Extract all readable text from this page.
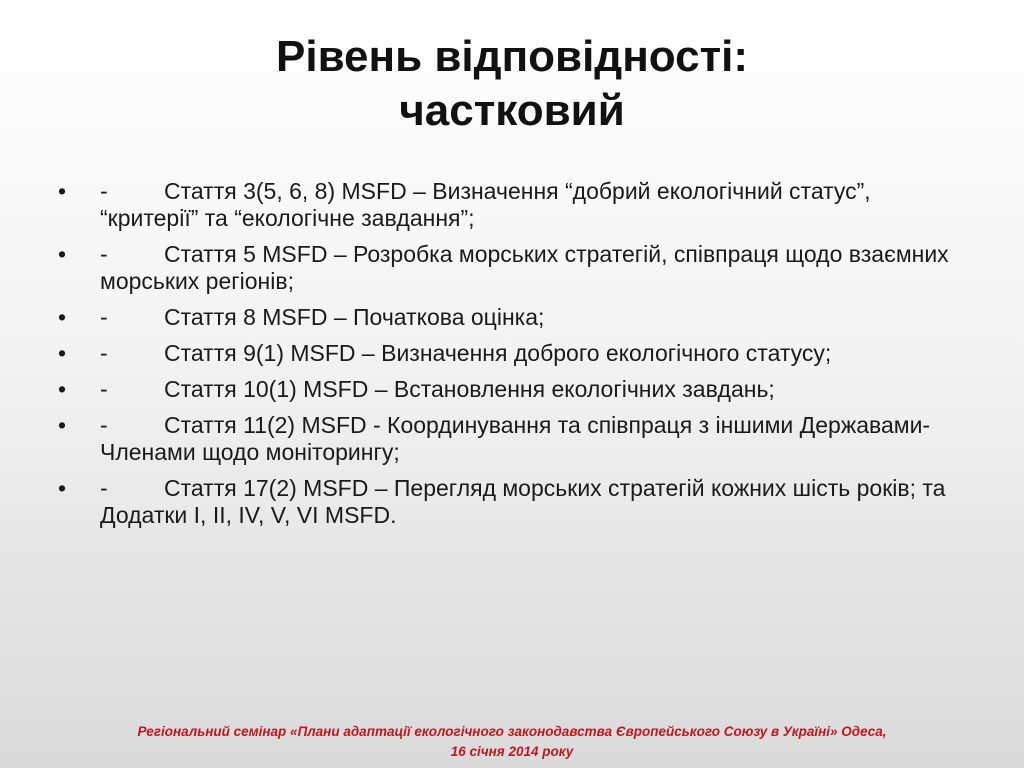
Рівень відповідності:
частковий
•	- Стаття 3(5, 6, 8) MSFD – Визначення “добрий екологічний статус”, “критерії” та “екологічне завдання”;
•	- Стаття 5 MSFD – Розробка морських стратегій, співпраця щодо взаємних морських регіонів;
•	- Стаття 8 MSFD – Початкова оцінка;
•	- Стаття 9(1) MSFD – Визначення доброго екологічного статусу;
•	- Стаття 10(1) MSFD – Встановлення екологічних завдань;
•	- Стаття 11(2) MSFD - Координування та співпраця з іншими Державами-Членами щодо моніторингу;
•	- Стаття 17(2) MSFD – Перегляд морських стратегій кожних шість років; та Додатки I, II, IV, V, VI MSFD.
Регіональний семінар «Плани адаптації екологічного законодавства Європейського Союзу в Україні» Одеса,
16 січня 2014 року
